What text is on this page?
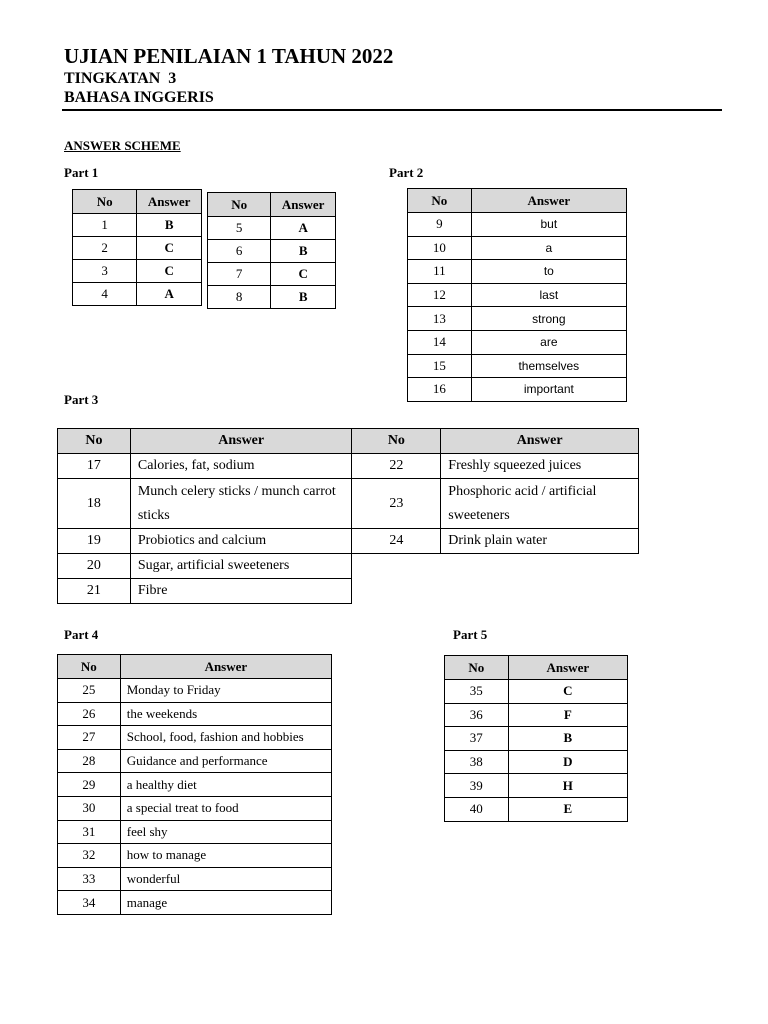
UJIAN PENILAIAN 1 TAHUN 2022
TINGKATAN  3
BAHASA INGGERIS
ANSWER SCHEME
Part 1
No	Answer
1	B
2	C
3	C
4	A
No	Answer
5	A
6	B
7	C
8	B
Part 2
No	Answer
9	but
10	a
11	to
12	last
13	strong
14	are
15	themselves
16	important
Part 3
No	Answer	No	Answer
17	Calories, fat, sodium	22	Freshly squeezed juices
18	Munch celery sticks / munch carrot sticks	23	Phosphoric acid / artificial sweeteners
19	Probiotics and calcium	24	Drink plain water
20	Sugar, artificial sweeteners		
21	Fibre		
Part 4
No	Answer
25	Monday to Friday
26	the weekends
27	School, food, fashion and hobbies
28	Guidance and performance
29	a healthy diet
30	a special treat to food
31	feel shy
32	how to manage
33	wonderful
34	manage
Part 5
No	Answer
35	C
36	F
37	B
38	D
39	H
40	E
